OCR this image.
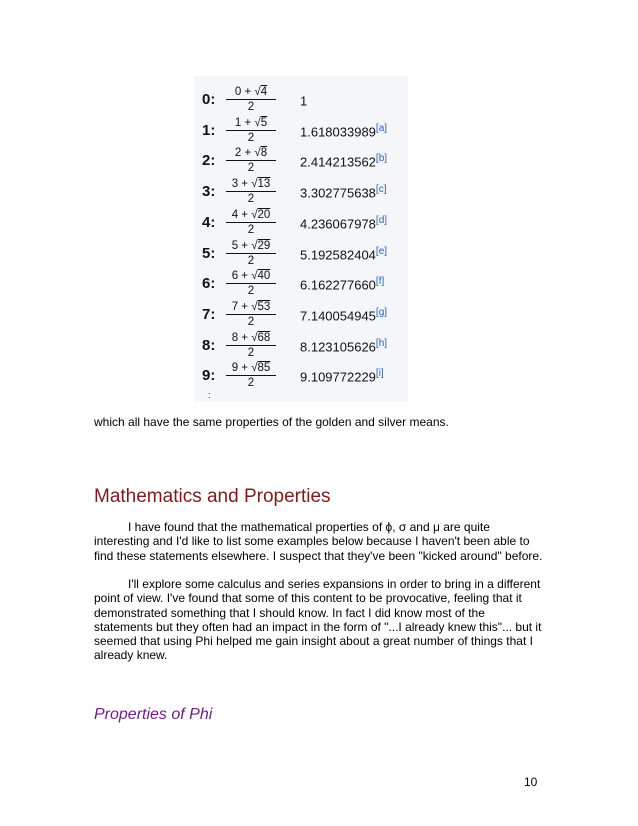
0: $\frac{0 + √4}{2} 1$
1: $\frac{1 + √5}{2} 1.618033989[a]$
2: $\frac{2 + √8}{2} 2.414213562[b]$
3: $\frac{3 + √13}{2} 3.302775638[c]$
4: $\frac{4 + √20}{2} 4.236067978[d]$
5: $\frac{5 + √29}{2} 5.192582404[e]$
6: $\frac{6 + √40}{2} 6.162277660[f]$
7: $\frac{7 + √53}{2} 7.140054945[g]$
8: $\frac{8 + √68}{2} 8.123105626[h]$
9: $\frac{9 + √85}{2} 9.109772229[i]$
:

which all have the same properties of the golden and silver means.

Mathematics and Properties

I have found that the mathematical properties of ϕ, σ and μ are quite interesting and I'd like to list some examples below because I haven't been able to find these statements elsewhere. I suspect that they've been "kicked around" before.

I'll explore some calculus and series expansions in order to bring in a different point of view. I've found that some of this content to be provocative, feeling that it demonstrated something that I should know. In fact I did know most of the statements but they often had an impact in the form of "...I already knew this"... but it seemed that using Phi helped me gain insight about a great number of things that I already knew.

Properties of Phi
10
